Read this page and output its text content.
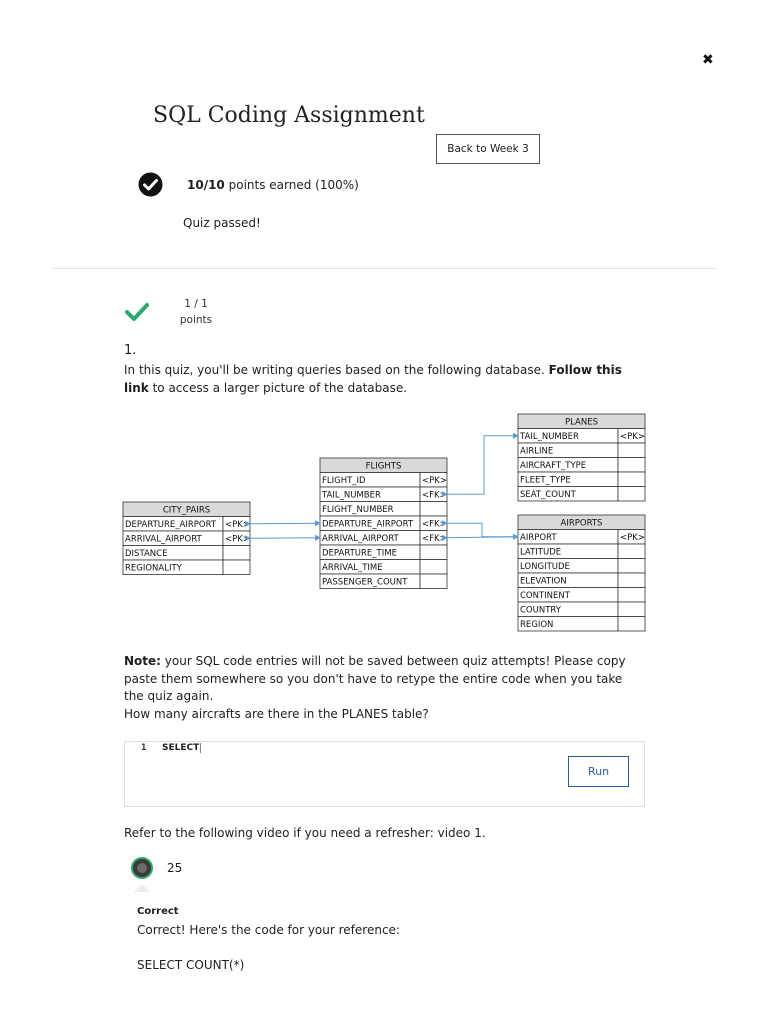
✖
SQL Coding Assignment
Back to Week 3
10/10 points earned (100%)
Quiz passed!
1 / 1
points
1.
In this quiz, you'll be writing queries based on the following database. Follow this link to access a larger picture of the database.
PLANES
TAIL_NUMBER	<PK>
AIRLINE
AIRCRAFT_TYPE
FLEET_TYPE
SEAT_COUNT
FLIGHTS
FLIGHT_ID	<PK>
TAIL_NUMBER	<FK>
FLIGHT_NUMBER
DEPARTURE_AIRPORT <FK>
ARRIVAL_AIRPORT	<FK>
DEPARTURE_TIME
ARRIVAL_TIME
PASSENGER_COUNT
CITY_PAIRS
DEPARTURE_AIRPORT <PK>
ARRIVAL_AIRPORT	<PK>
DISTANCE
REGIONALITY
AIRPORTS
AIRPORT	<PK>
LATITUDE
LONGITUDE
ELEVATION
CONTINENT
COUNTRY
REGION
Note: your SQL code entries will not be saved between quiz attempts! Please copy paste them somewhere so you don't have to retype the entire code when you take the quiz again.
How many aircrafts are there in the PLANES table?
1 SELECT
Run
Refer to the following video if you need a refresher: video 1.
25
Correct
Correct! Here's the code for your reference:
SELECT COUNT(*)
